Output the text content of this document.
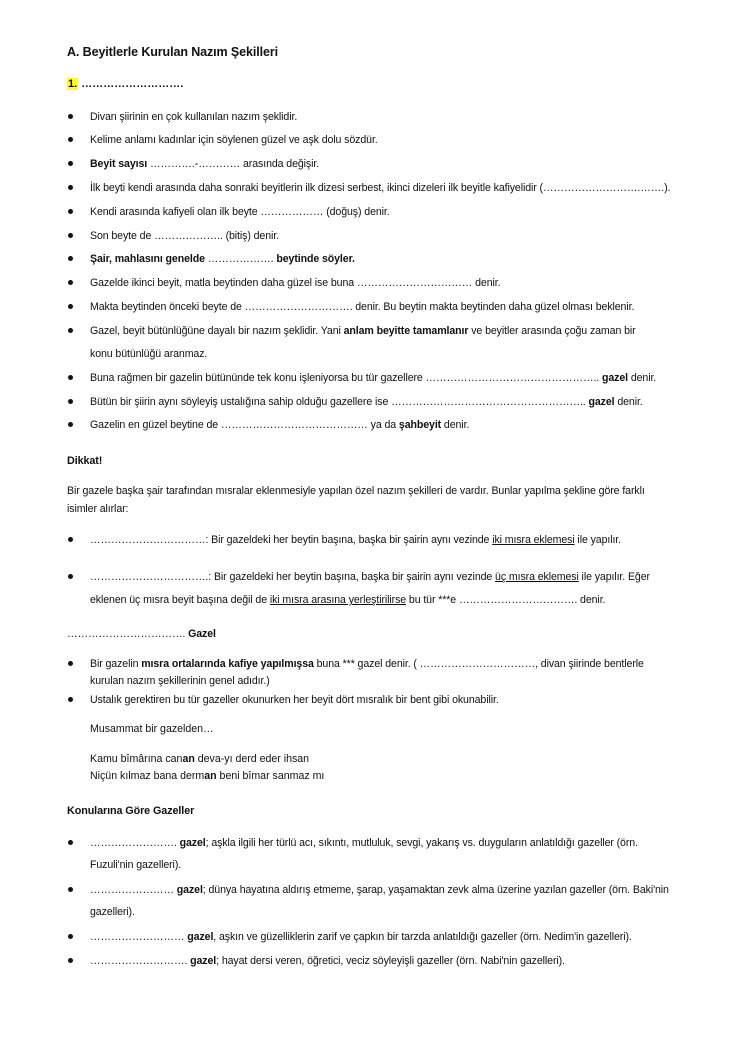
A. Beyitlerle Kurulan Nazım Şekilleri
1. ……………………….
Divan şiirinin en çok kullanılan nazım şeklidir.
Kelime anlamı kadınlar için söylenen güzel ve aşk dolu sözdür.
Beyit sayısı ………….-………… arasında değişir.
İlk beyti kendi arasında daha sonraki beyitlerin ilk dizesi serbest, ikinci dizeleri ilk beyitle kafiyelidir (……………………….…….).
Kendi arasında kafiyeli olan ilk beyte ……………… (doğuş) denir.
Son beyte de ……………….. (bitiş) denir.
Şair, mahlasını genelde ………………. beytinde söyler.
Gazelde ikinci beyit, matla beytinden daha güzel ise buna …………………………… denir.
Makta beytinden önceki beyte de …………………………. denir. Bu beytin makta beytinden daha güzel olması beklenir.
Gazel, beyit bütünlüğüne dayalı bir nazım şeklidir. Yani anlam beyitte tamamlanır ve beyitler arasında çoğu zaman bir
konu bütünlüğü aranmaz.
Buna rağmen bir gazelin bütününde tek konu işleniyorsa bu tür gazellere ………………………………………….. gazel denir.
Bütün bir şiirin aynı söyleyiş ustalığına sahip olduğu gazellere ise ……………………………………………….. gazel denir.
Gazelin en güzel beytine de …………………………………… ya da şahbeyit denir.
Dikkat!
Bir gazele başka şair tarafından mısralar eklenmesiyle yapılan özel nazım şekilleri de vardır. Bunlar yapılma şekline göre farklı
isimler alırlar:
……………………………: Bir gazeldeki her beytin başına, başka bir şairin aynı vezinde iki mısra eklemesi ile yapılır.
…………………………….: Bir gazeldeki her beytin başına, başka bir şairin aynı vezinde üç mısra eklemesi ile yapılır. Eğer
eklenen üç mısra beyit başına değil de iki mısra arasına yerleştirilirse bu tür ***e ……………………………. denir.
……………………………. Gazel
Bir gazelin mısra ortalarında kafiye yapılmışsa buna *** gazel denir. ( ……………………………, divan şiirinde bentlerle
kurulan nazım şekillerinin genel adıdır.)
Ustalık gerektiren bu tür gazeller okunurken her beyit dört mısralık bir bent gibi okunabilir.
Musammat bir gazelden…
Kamu bîmârına canan deva-yı derd eder ihsan
Niçün kılmaz bana derman beni bîmar sanmaz mı
Konularına Göre Gazeller
……………………. gazel; aşkla ilgili her türlü acı, sıkıntı, mutluluk, sevgi, yakarış vs. duyguların anlatıldığı gazeller (örn.
Fuzuli'nin gazelleri).
…………………… gazel; dünya hayatına aldırış etmeme, şarap, yaşamaktan zevk alma üzerine yazılan gazeller (örn. Baki'nin
gazelleri).
……………………… gazel, aşkın ve güzelliklerin zarif ve çapkın bir tarzda anlatıldığı gazeller (örn. Nedim'in gazelleri).
………………………. gazel; hayat dersi veren, öğretici, veciz söyleyişli gazeller (örn. Nabi'nin gazelleri).
